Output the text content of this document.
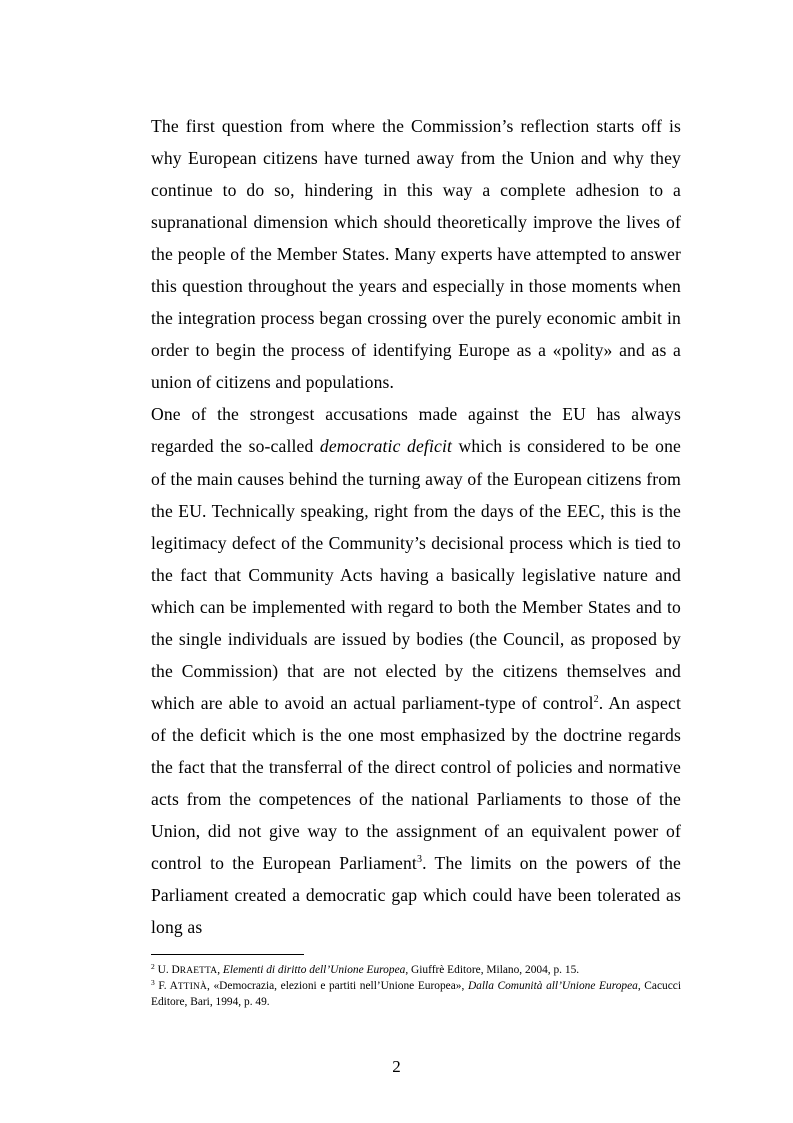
The first question from where the Commission’s reflection starts off is why European citizens have turned away from the Union and why they continue to do so, hindering in this way a complete adhesion to a supranational dimension which should theoretically improve the lives of the people of the Member States. Many experts have attempted to answer this question throughout the years and especially in those moments when the integration process began crossing over the purely economic ambit in order to begin the process of identifying Europe as a «polity» and as a union of citizens and populations.

One of the strongest accusations made against the EU has always regarded the so-called democratic deficit which is considered to be one of the main causes behind the turning away of the European citizens from the EU. Technically speaking, right from the days of the EEC, this is the legitimacy defect of the Community’s decisional process which is tied to the fact that Community Acts having a basically legislative nature and which can be implemented with regard to both the Member States and to the single individuals are issued by bodies (the Council, as proposed by the Commission) that are not elected by the citizens themselves and which are able to avoid an actual parliament-type of control$^2$. An aspect of the deficit which is the one most emphasized by the doctrine regards the fact that the transferral of the direct control of policies and normative acts from the competences of the national Parliaments to those of the Union, did not give way to the assignment of an equivalent power of control to the European Parliament$^3$. The limits on the powers of the Parliament created a democratic gap which could have been tolerated as long as

$^2$ U. DRAETTA, Elementi di diritto dell’Unione Europea, Giuffrè Editore, Milano, 2004, p. 15.

$^3$ F. ATTINÀ, «Democrazia, elezioni e partiti nell’Unione Europea», Dalla Comunità all’Unione Europea, Cacucci Editore, Bari, 1994, p. 49.

2
